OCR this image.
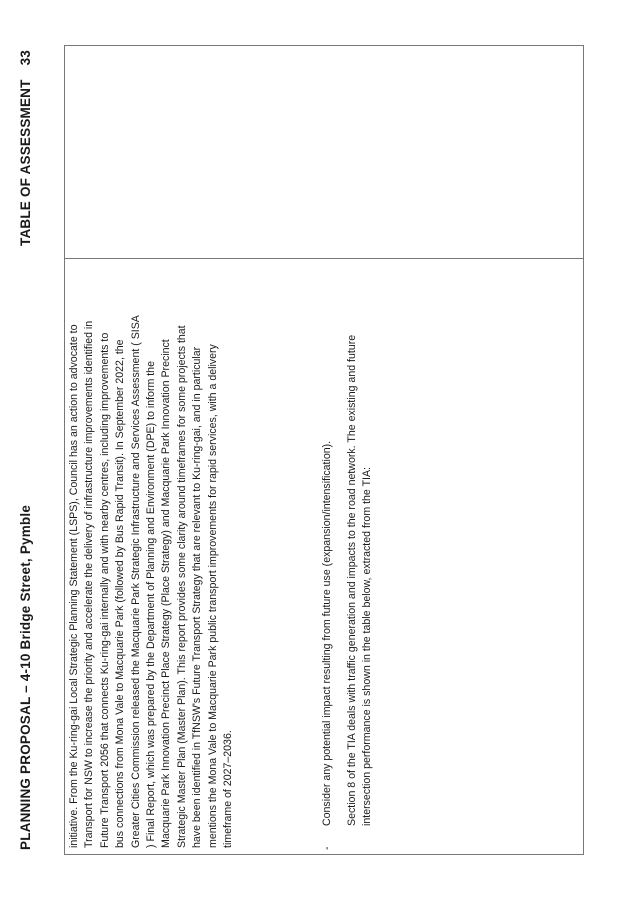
PLANNING PROPOSAL – 4-10 Bridge Street, Pymble
TABLE OF ASSESSMENT33
initiative. From the Ku-ring-gai Local Strategic Planning Statement (LSPS), Council has an action to advocate to Transport for NSW to increase the priority and accelerate the delivery of infrastructure improvements identified in Future Transport 2056 that connects Ku-ring-gai internally and with nearby centres, including improvements to bus connections from Mona Vale to Macquarie Park (followed by Bus Rapid Transit). In September 2022, the Greater Cities Commission released the Macquarie Park Strategic Infrastructure and Services Assessment ( SISA ) Final Report, which was prepared by the Department of Planning and Environment (DPE) to inform the Macquarie Park Innovation Precinct Place Strategy (Place Strategy) and Macquarie Park Innovation Precinct Strategic Master Plan (Master Plan). This report provides some clarity around timeframes for some projects that have been identified in TfNSW's Future Transport Strategy that are relevant to Ku-ring-gai, and in particular mentions the Mona Vale to Macquarie Park public transport improvements for rapid services, with a delivery timeframe of 2027–2036.
-
Consider any potential impact resulting from future use (expansion/intensification). Section 8 of the TIA deals with traffic generation and impacts to the road network. The existing and future intersection performance is shown in the table below, extracted from the TIA:
